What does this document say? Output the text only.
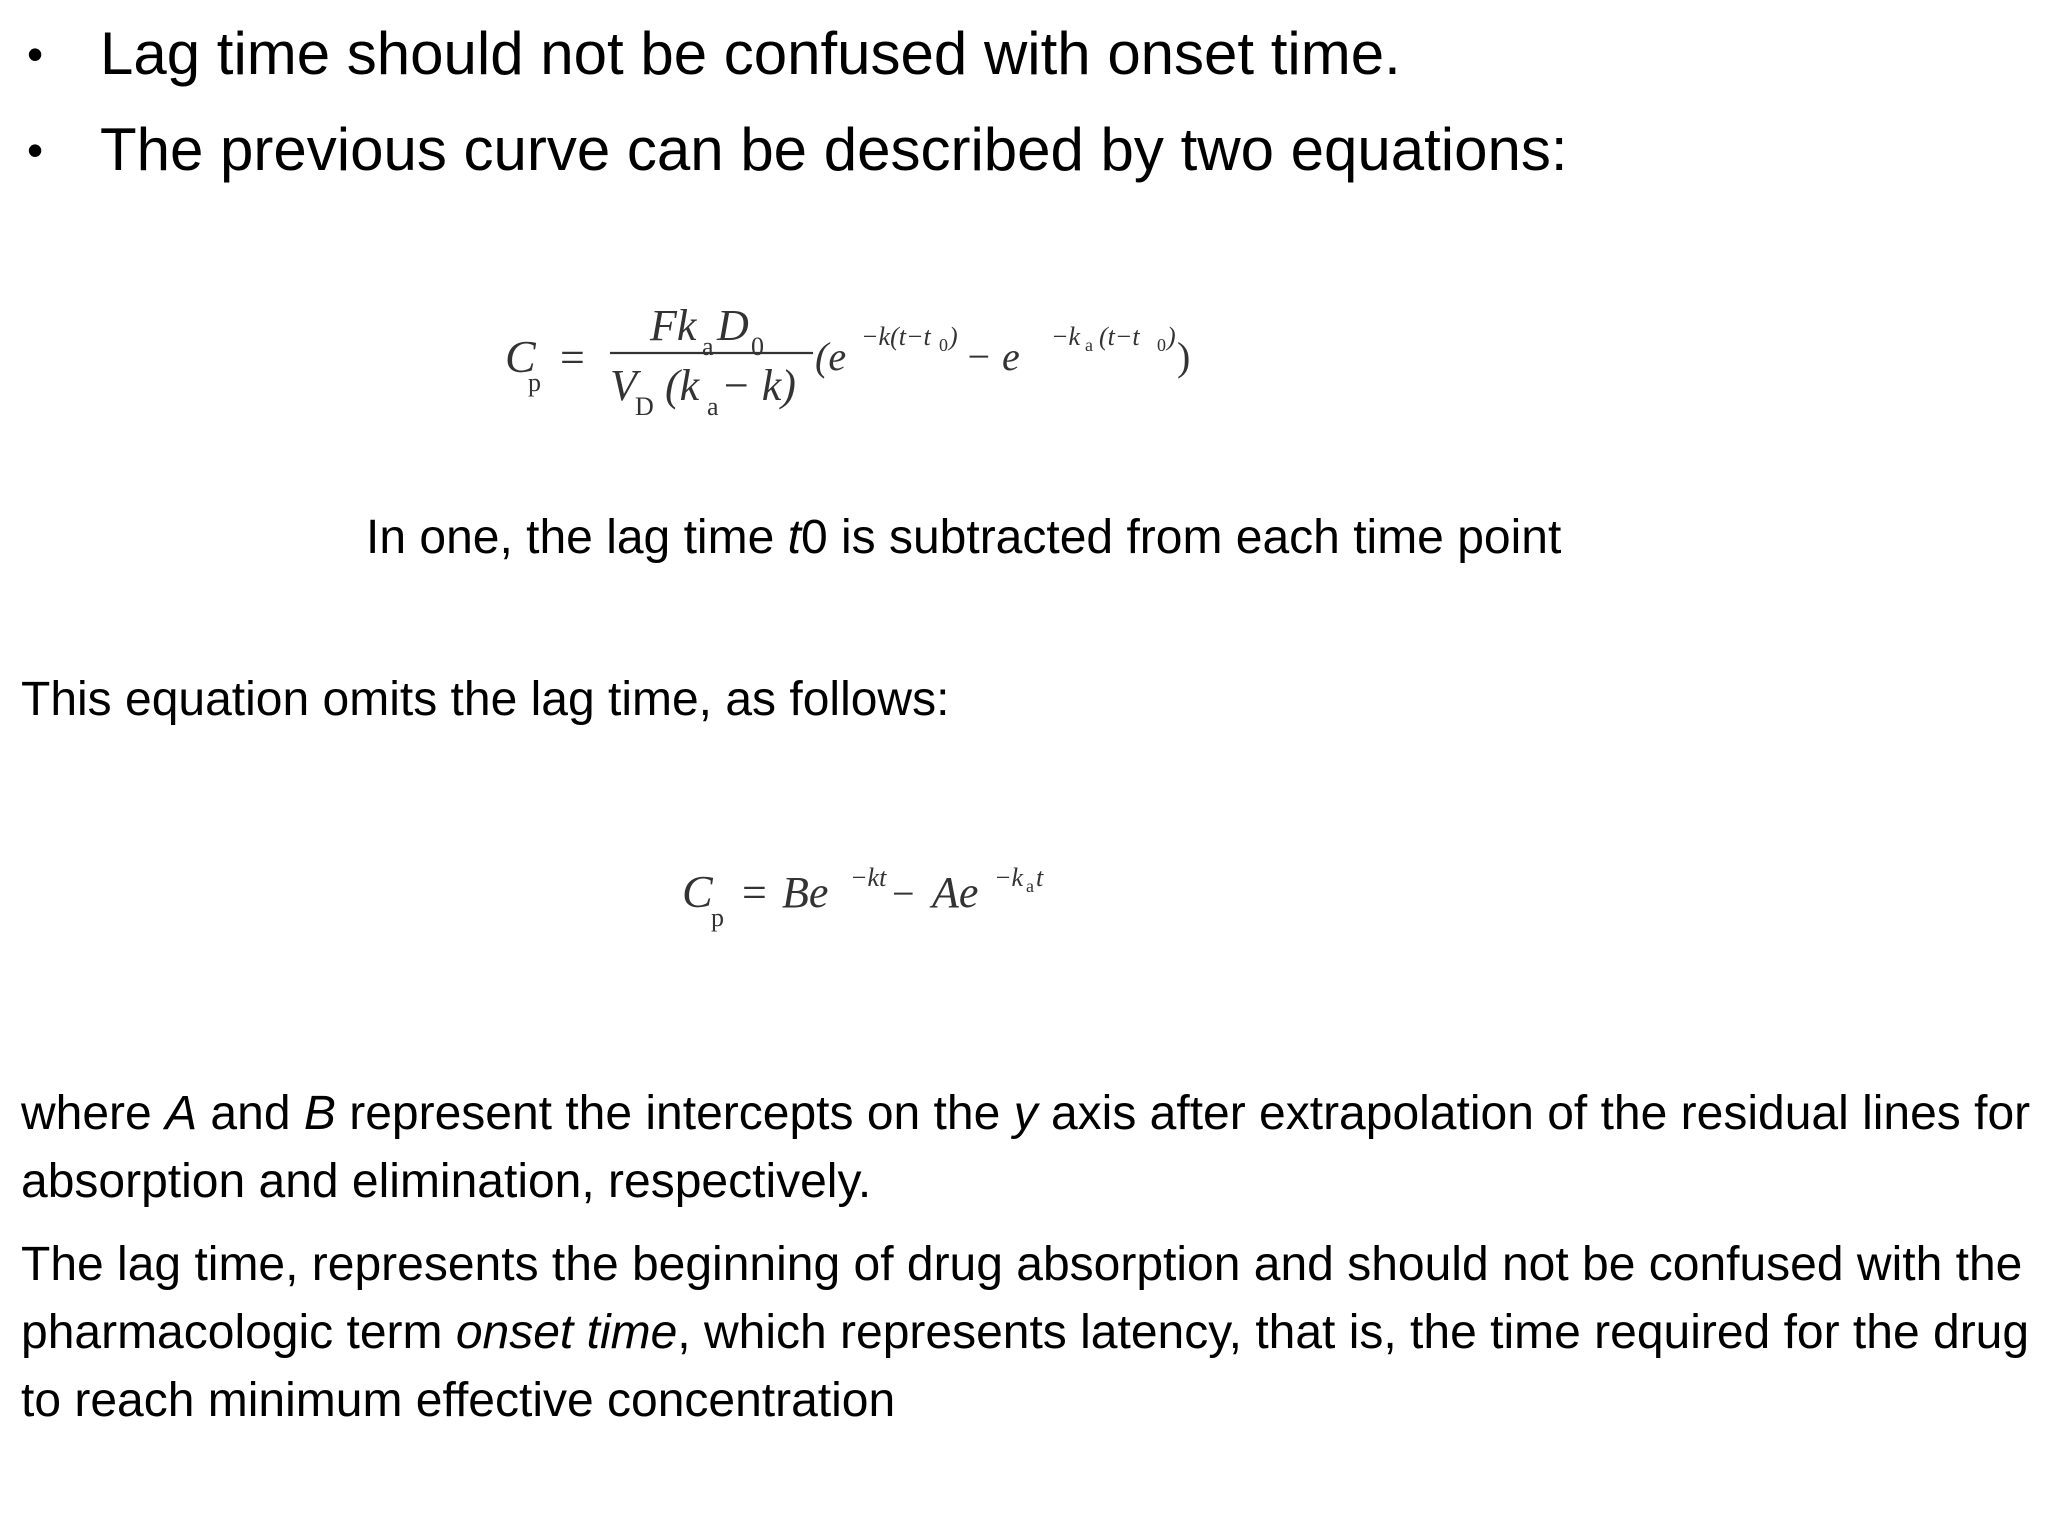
• Lag time should not be confused with onset time.
• The previous curve can be described by two equations:
C
p
=
Fk a D 0
V
D (k a − k)
(e −k(t−t 0 ) − e −k a (t−t 0 ) )
In one, the lag time t0 is subtracted from each time point
This equation omits the lag time, as follows:
C
p
= Be −kt − Ae −k a t

where A and B represent the intercepts on the y axis after extrapolation of the residual lines for absorption and elimination, respectively.

The lag time, represents the beginning of drug absorption and should not be confused with the pharmacologic term onset time, which represents latency, that is, the time required for the drug to reach minimum effective concentration
